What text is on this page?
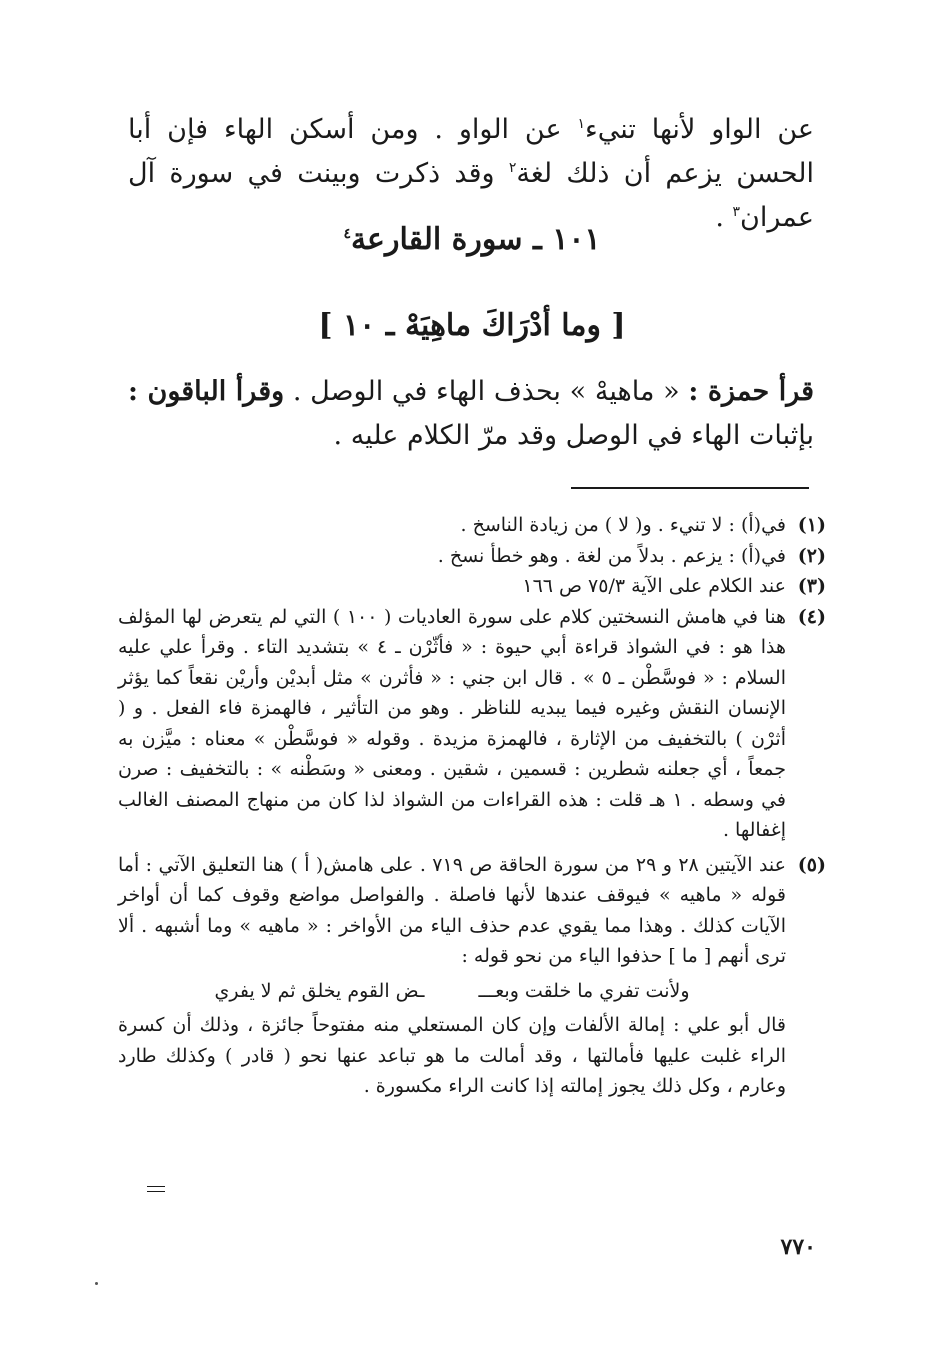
عن الواو لأنها تنيء$^١$ عن الواو . ومن أسكن الهاء فإن أبا الحسن يزعم أن ذلك لغة$^٢$ وقد ذكرت وبينت في سورة آل عمران$^٣$ .

١٠١ ـ سورة القارعة$^٤$
[ وما أدْرَاكَ ماهِيَهْ ـ ١٠ ]

قرأ حمزة : « ماهيهْ » بحذف الهاء في الوصل . وقرأ الباقون : بإثبات الهاء في الوصل وقد مرّ الكلام عليه .

(١)
في(أ) : لا تنيء . و( لا ) من زيادة الناسخ .
(٢)
في(أ) : يزعم . بدلاً من لغة . وهو خطأ نسخ .
(٣)
عند الكلام على الآية ٧٥/٣ ص ١٦٦
(٤)
هنا في هامش النسختين كلام على سورة العاديات ( ١٠٠ ) التي لم يتعرض لها المؤلف هذا هو : في الشواذ قراءة أبي حيوة : « فأثّرْن ـ ٤ » بتشديد التاء . وقرأ علي عليه السلام : « فوسَّطْن ـ ٥ » . قال ابن جني : « فأثرن » مثل أبديْن وأريْن نقعاً كما يؤثر الإنسان النقش وغيره فيما يبديه للناظر . وهو من التأثير ، فالهمزة فاء الفعل . و ( أثرْن ) بالتخفيف من الإثارة ، فالهمزة مزيدة . وقوله « فوسَّطْن » معناه : ميَّزن به جمعاً ، أي جعلنه شطرين : قسمين ، شقين . ومعنى « وسَطْنه » : بالتخفيف : صرن في وسطه . ١ هـ قلت : هذه القراءات من الشواذ لذا كان من منهاج المصنف الغالب إغفالها .
(٥)
عند الآيتين ٢٨ و ٢٩ من سورة الحاقة ص ٧١٩ . على هامش( أ ) هنا التعليق الآتي : أما قوله « ماهيه » فيوقف عندها لأنها فاصلة . والفواصل مواضع وقوف كما أن أواخر الآيات كذلك . وهذا مما يقوي عدم حذف الياء من الأواخر : « ماهيه » وما أشبهه . ألا ترى أنهم [ ما ] حذفوا الياء من نحو قوله :
ولأنت تفري ما خلقت وبعـــ ـض القوم يخلق ثم لا يفري
قال أبو علي : إمالة الألفات وإن كان المستعلي منه مفتوحاً جائزة ، وذلك أن كسرة الراء غلبت عليها فأمالتها ، وقد أمالت ما هو تباعد عنها نحو ( قادر ) وكذلك طارد وعارم ، وكل ذلك يجوز إمالته إذا كانت الراء مكسورة .
٧٧٠
